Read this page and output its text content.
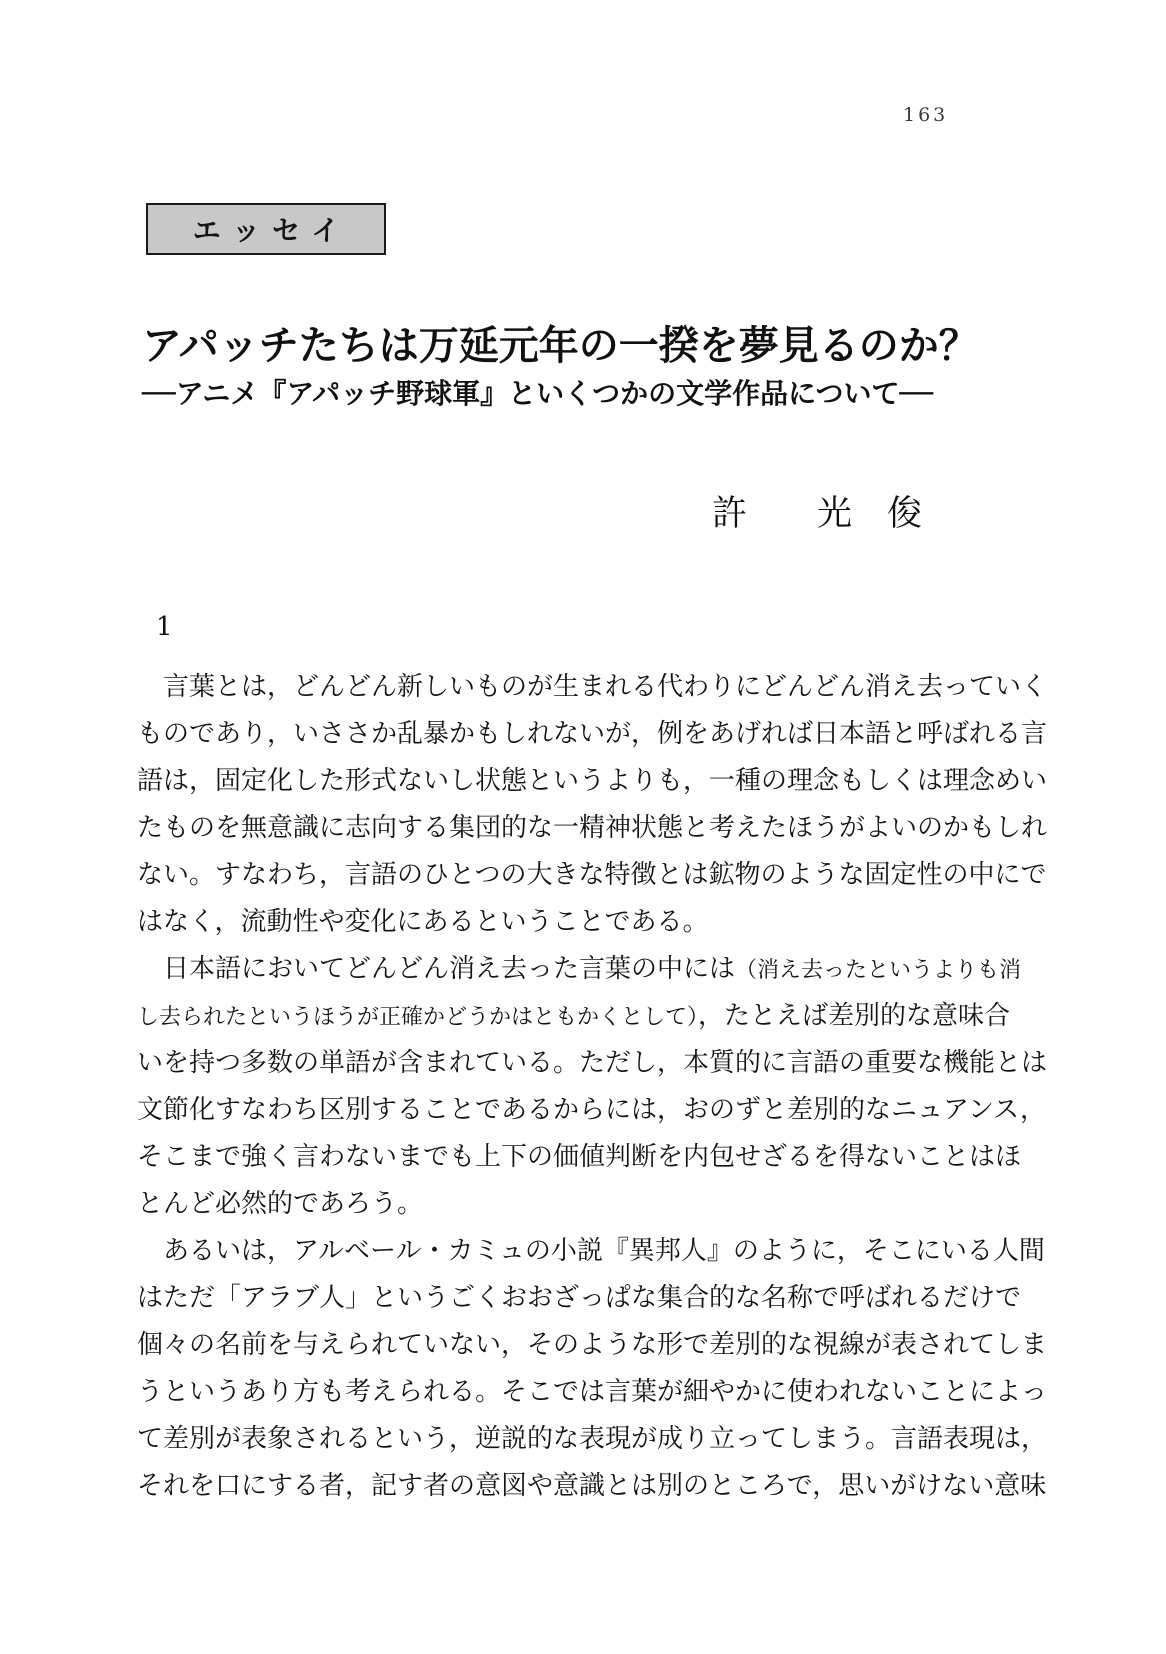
163
エッセイ
アパッチたちは万延元年の一揆を夢見るのか？
──アニメ『アパッチ野球軍』といくつかの文学作品について──
許　　光　俊
1
　言葉とは，どんどん新しいものが生まれる代わりにどんどん消え去っていく
ものであり，いささか乱暴かもしれないが，例をあげれば日本語と呼ばれる言
語は，固定化した形式ないし状態というよりも，一種の理念もしくは理念めい
たものを無意識に志向する集団的な一精神状態と考えたほうがよいのかもしれ
ない。すなわち，言語のひとつの大きな特徴とは鉱物のような固定性の中にで
はなく，流動性や変化にあるということである。
　日本語においてどんどん消え去った言葉の中には（消え去ったというよりも消
し去られたというほうが正確かどうかはともかくとして），たとえば差別的な意味合
いを持つ多数の単語が含まれている。ただし，本質的に言語の重要な機能とは
文節化すなわち区別することであるからには，おのずと差別的なニュアンス，
そこまで強く言わないまでも上下の価値判断を内包せざるを得ないことはほ
とんど必然的であろう。
　あるいは，アルベール・カミュの小説『異邦人』のように，そこにいる人間
はただ「アラブ人」というごくおおざっぱな集合的な名称で呼ばれるだけで
個々の名前を与えられていない，そのような形で差別的な視線が表されてしま
うというあり方も考えられる。そこでは言葉が細やかに使われないことによっ
て差別が表象されるという，逆説的な表現が成り立ってしまう。言語表現は，
それを口にする者，記す者の意図や意識とは別のところで，思いがけない意味
